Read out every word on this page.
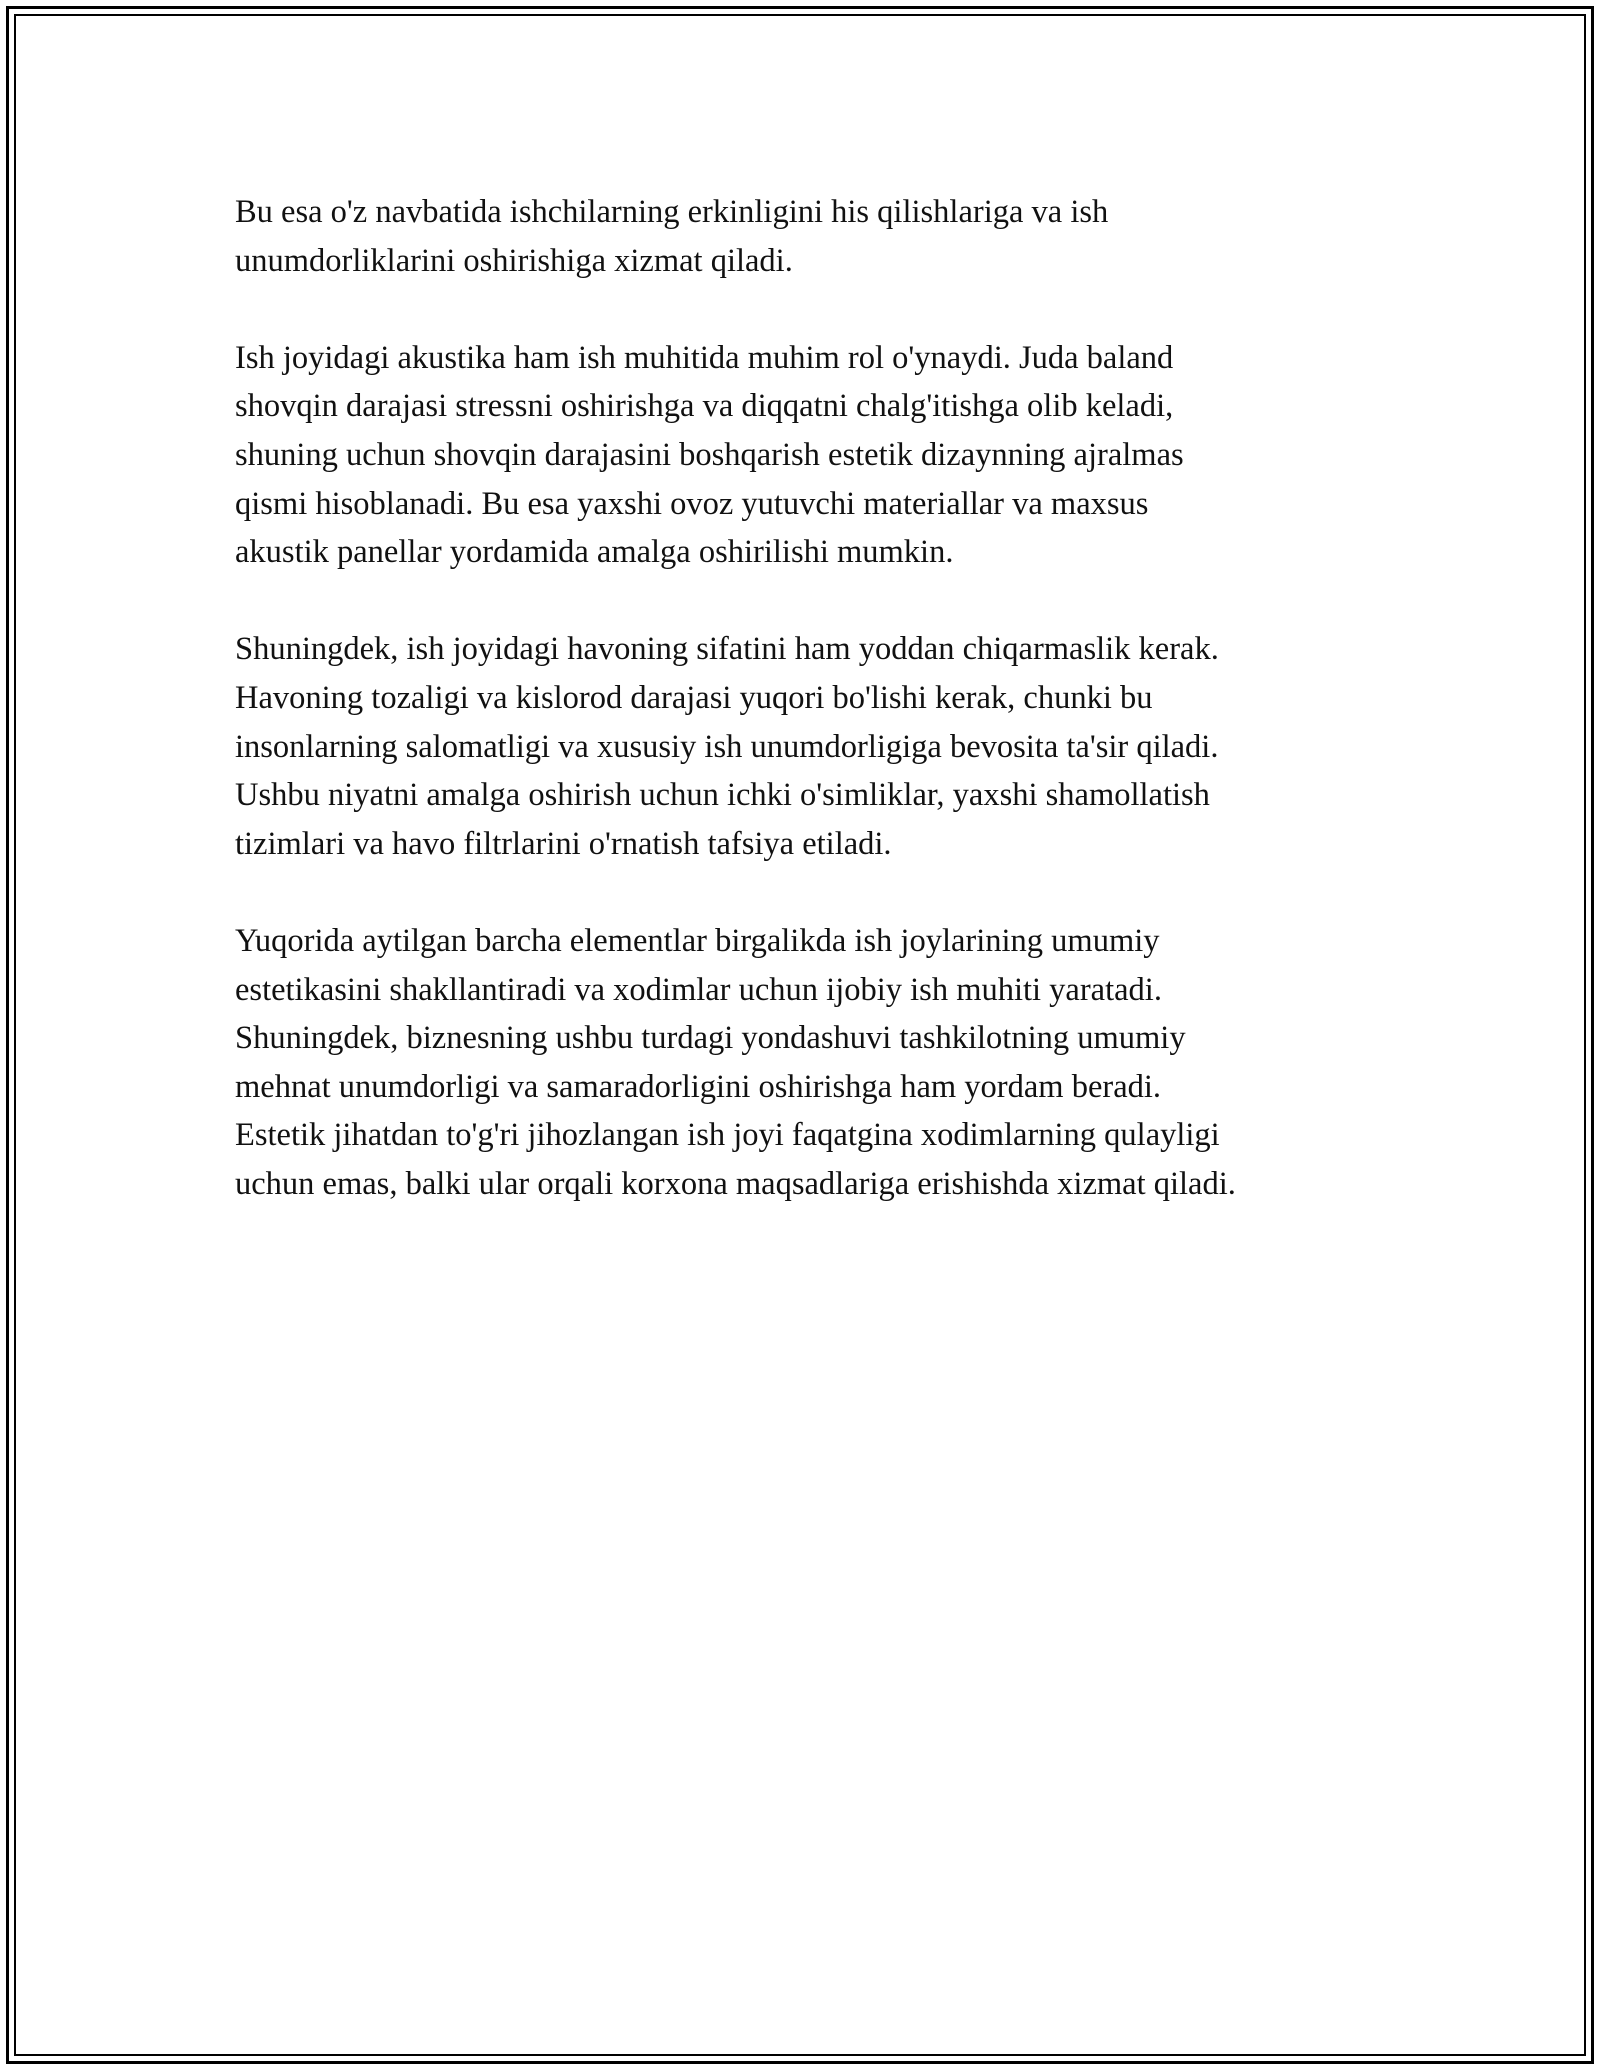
Bu esa o'z navbatida ishchilarning erkinligini his qilishlariga va ish
unumdorliklarini oshirishiga xizmat qiladi.

Ish joyidagi akustika ham ish muhitida muhim rol o'ynaydi. Juda baland
shovqin darajasi stressni oshirishga va diqqatni chalg'itishga olib keladi,
shuning uchun shovqin darajasini boshqarish estetik dizaynning ajralmas
qismi hisoblanadi. Bu esa yaxshi ovoz yutuvchi materiallar va maxsus
akustik panellar yordamida amalga oshirilishi mumkin.

Shuningdek, ish joyidagi havoning sifatini ham yoddan chiqarmaslik kerak.
Havoning tozaligi va kislorod darajasi yuqori bo'lishi kerak, chunki bu
insonlarning salomatligi va xususiy ish unumdorligiga bevosita ta'sir qiladi.
Ushbu niyatni amalga oshirish uchun ichki o'simliklar, yaxshi shamollatish
tizimlari va havo filtrlarini o'rnatish tafsiya etiladi.

Yuqorida aytilgan barcha elementlar birgalikda ish joylarining umumiy
estetikasini shakllantiradi va xodimlar uchun ijobiy ish muhiti yaratadi.
Shuningdek, biznesning ushbu turdagi yondashuvi tashkilotning umumiy
mehnat unumdorligi va samaradorligini oshirishga ham yordam beradi.
Estetik jihatdan to'g'ri jihozlangan ish joyi faqatgina xodimlarning qulayligi
uchun emas, balki ular orqali korxona maqsadlariga erishishda xizmat qiladi.
